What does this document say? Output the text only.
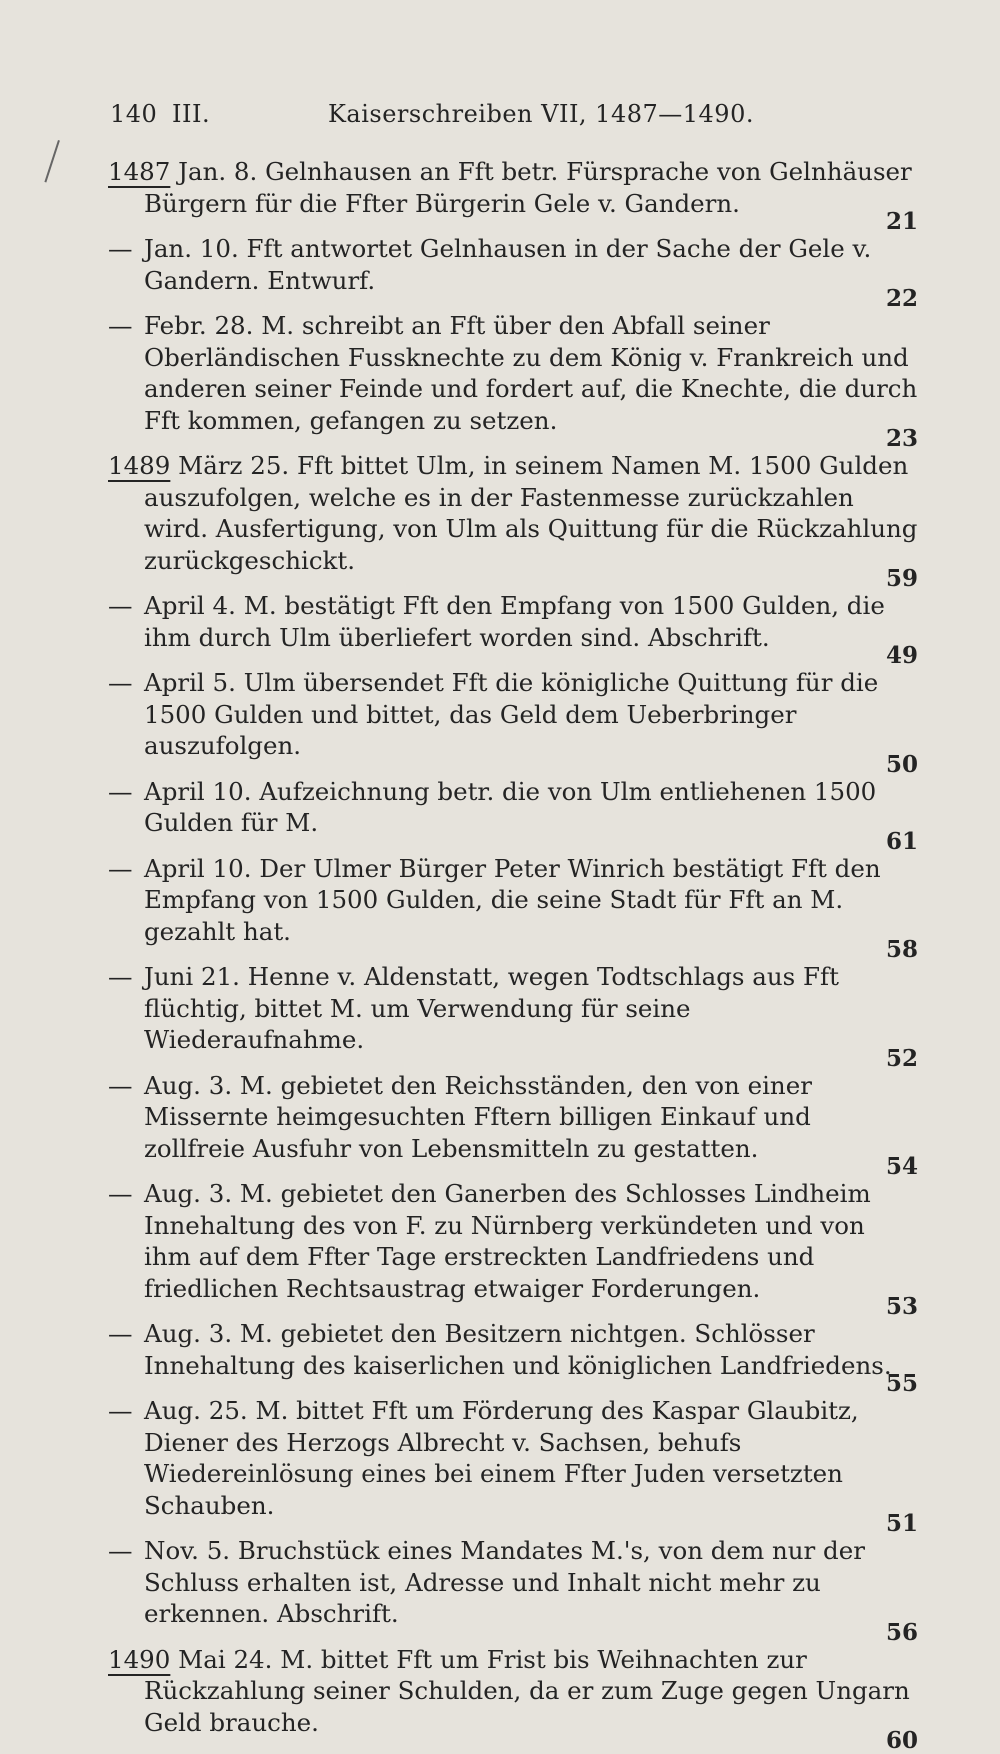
140 III.	Kaiserschreiben VII, 1487—1490.
1487 Jan. 8. Gelnhausen an Fft betr. Fürsprache von Gelnhäuser Bürgern für die Ffter Bürgerin Gele v. Gandern.
21
— Jan. 10. Fft antwortet Gelnhausen in der Sache der Gele v. Gandern. Entwurf.
22
— Febr. 28. M. schreibt an Fft über den Abfall seiner Oberländischen Fussknechte zu dem König v. Frankreich und anderen seiner Feinde und fordert auf, die Knechte, die durch Fft kommen, gefangen zu setzen.
23
1489 März 25. Fft bittet Ulm, in seinem Namen M. 1500 Gulden auszufolgen, welche es in der Fastenmesse zurückzahlen wird. Ausfertigung, von Ulm als Quittung für die Rückzahlung zurückgeschickt.
59
— April 4. M. bestätigt Fft den Empfang von 1500 Gulden, die ihm durch Ulm überliefert worden sind. Abschrift.
49
— April 5. Ulm übersendet Fft die königliche Quittung für die 1500 Gulden und bittet, das Geld dem Ueberbringer auszufolgen.
50
— April 10. Aufzeichnung betr. die von Ulm entliehenen 1500 Gulden für M.
61
— April 10. Der Ulmer Bürger Peter Winrich bestätigt Fft den Empfang von 1500 Gulden, die seine Stadt für Fft an M. gezahlt hat.
58
— Juni 21. Henne v. Aldenstatt, wegen Todtschlags aus Fft flüchtig, bittet M. um Verwendung für seine Wiederaufnahme.
52
— Aug. 3. M. gebietet den Reichsständen, den von einer Missernte heimgesuchten Fftern billigen Einkauf und zollfreie Ausfuhr von Lebensmitteln zu gestatten.
54
— Aug. 3. M. gebietet den Ganerben des Schlosses Lindheim Innehaltung des von F. zu Nürnberg verkündeten und von ihm auf dem Ffter Tage erstreckten Landfriedens und friedlichen Rechtsaustrag etwaiger Forderungen.
53
— Aug. 3. M. gebietet den Besitzern nichtgen. Schlösser Innehaltung des kaiserlichen und königlichen Landfriedens.
55
— Aug. 25. M. bittet Fft um Förderung des Kaspar Glaubitz, Diener des Herzogs Albrecht v. Sachsen, behufs Wiedereinlösung eines bei einem Ffter Juden versetzten Schauben.
51
— Nov. 5. Bruchstück eines Mandates M.'s, von dem nur der Schluss erhalten ist, Adresse und Inhalt nicht mehr zu erkennen. Abschrift.
56
1490 Mai 24. M. bittet Fft um Frist bis Weihnachten zur Rückzahlung seiner Schulden, da er zum Zuge gegen Ungarn Geld brauche.
60
